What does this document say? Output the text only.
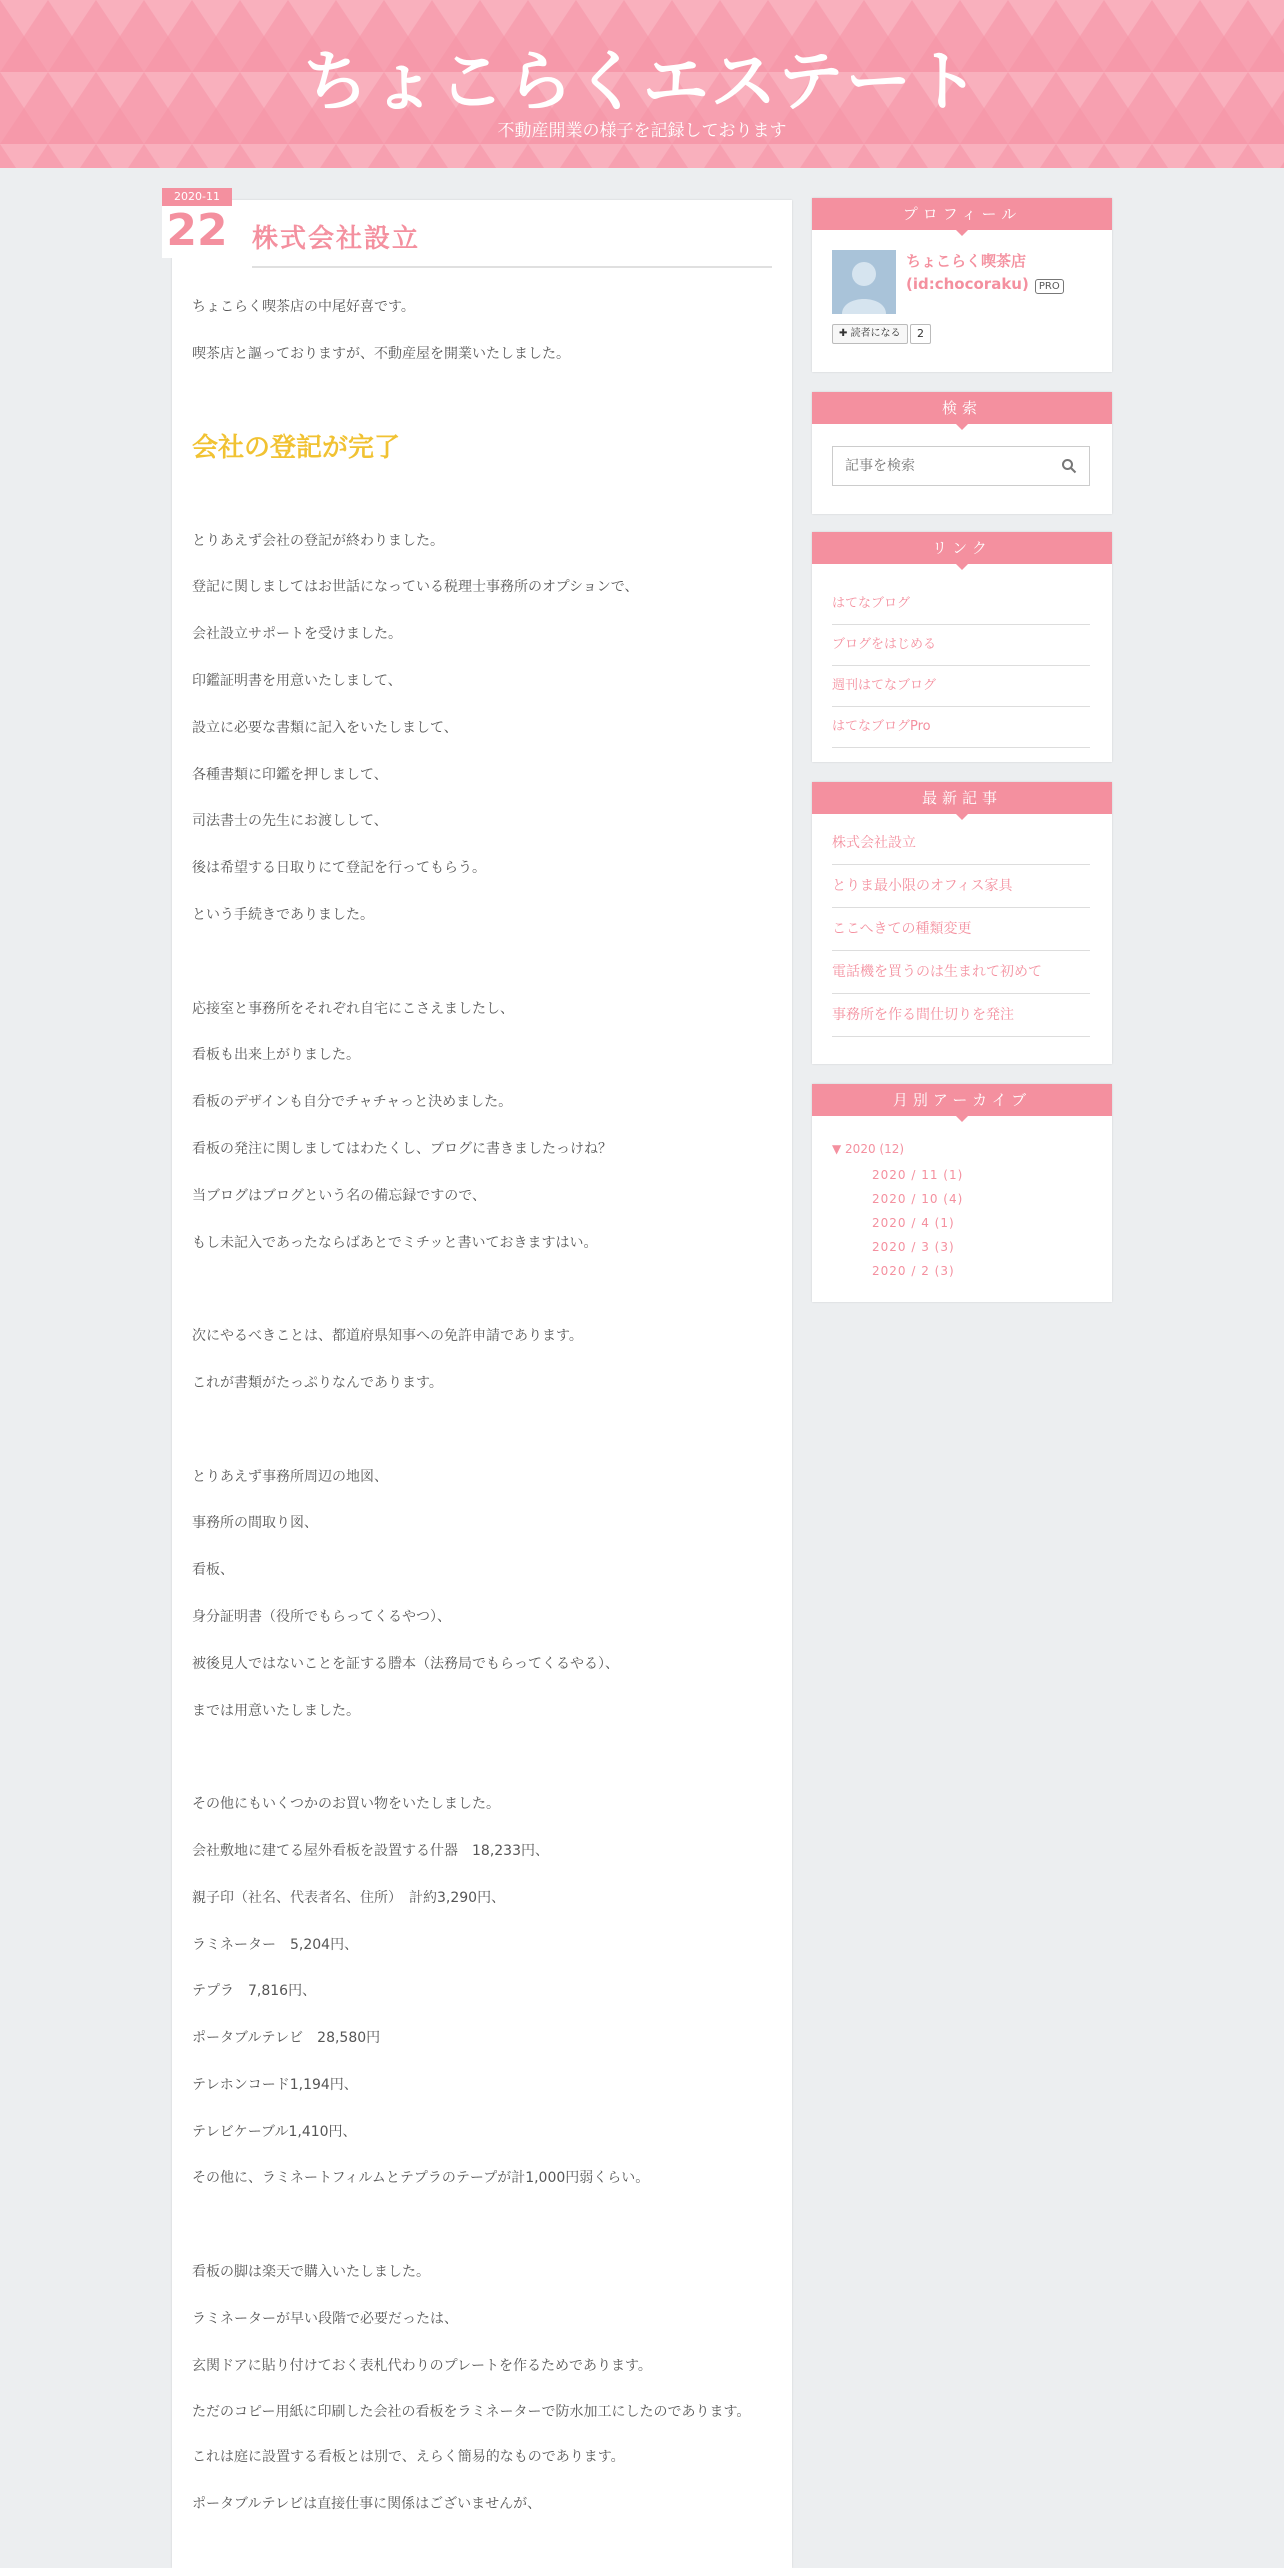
ちょこらくエステート
不動産開業の様子を記録しております
2020-11
22 株式会社設立

ちょこらく喫茶店の中尾好喜です。

喫茶店と謳っておりますが、不動産屋を開業いたしました。

会社の登記が完了

とりあえず会社の登記が終わりました。

登記に関しましてはお世話になっている税理士事務所のオプションで、

会社設立サポートを受けました。

印鑑証明書を用意いたしまして、

設立に必要な書類に記入をいたしまして、

各種書類に印鑑を押しまして、

司法書士の先生にお渡しして、

後は希望する日取りにて登記を行ってもらう。

という手続きでありました。

応接室と事務所をそれぞれ自宅にこさえましたし、

看板も出来上がりました。

看板のデザインも自分でチャチャっと決めました。

看板の発注に関しましてはわたくし、ブログに書きましたっけね？

当ブログはブログという名の備忘録ですので、

もし未記入であったならばあとでミチッと書いておきますはい。

次にやるべきことは、都道府県知事への免許申請であります。

これが書類がたっぷりなんであります。

とりあえず事務所周辺の地図、

事務所の間取り図、

看板、

身分証明書（役所でもらってくるやつ）、

被後見人ではないことを証する謄本（法務局でもらってくるやる）、

までは用意いたしました。

その他にもいくつかのお買い物をいたしました。

会社敷地に建てる屋外看板を設置する什器　18,233円、

親子印（社名、代表者名、住所）　計約3,290円、

ラミネーター　5,204円、

テプラ　7,816円、

ポータブルテレビ　28,580円

テレホンコード1,194円、

テレビケーブル1,410円、

その他に、ラミネートフィルムとテプラのテープが計1,000円弱くらい。

看板の脚は楽天で購入いたしました。

ラミネーターが早い段階で必要だったは、

玄関ドアに貼り付けておく表札代わりのプレートを作るためであります。

ただのコピー用紙に印刷した会社の看板をラミネーターで防水加工にしたのであります。

これは庭に設置する看板とは別で、えらく簡易的なものであります。

ポータブルテレビは直接仕事に関係はございませんが、

プロフィール
ちょこらく喫茶店
(id:chocoraku) PRO
✚ 読者になる	2
検索
記事を検索
リンク
はてなブログ
ブログをはじめる
週刊はてなブログ
はてなブログPro
最新記事
株式会社設立
とりま最小限のオフィス家具
ここへきての種類変更
電話機を買うのは生まれて初めて
事務所を作る間仕切りを発注
月別アーカイブ
▼ 2020 (12)
2020 / 11 (1)
2020 / 10 (4)
2020 / 4 (1)
2020 / 3 (3)
2020 / 2 (3)
